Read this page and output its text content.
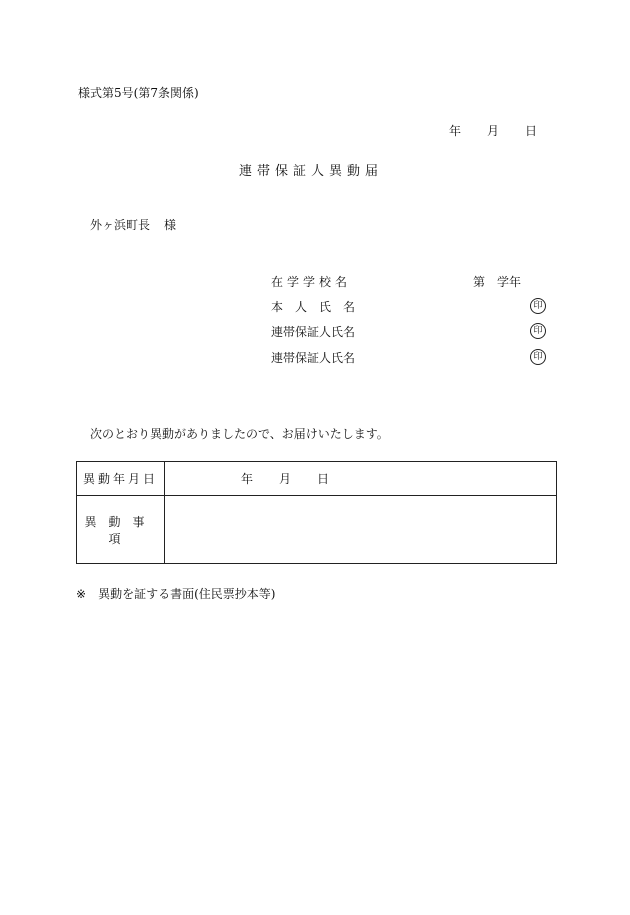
様式第5号(第7条関係)
年 月 日
連帯保証人異動届
外ヶ浜町長 様
在学学校名	第 学年
本人氏名	印
連帯保証人氏名	印
連帯保証人氏名	印
次のとおり異動がありましたので、お届けいたします。
異動年月日	年 月 日
異動事項	
※ 異動を証する書面(住民票抄本等)
